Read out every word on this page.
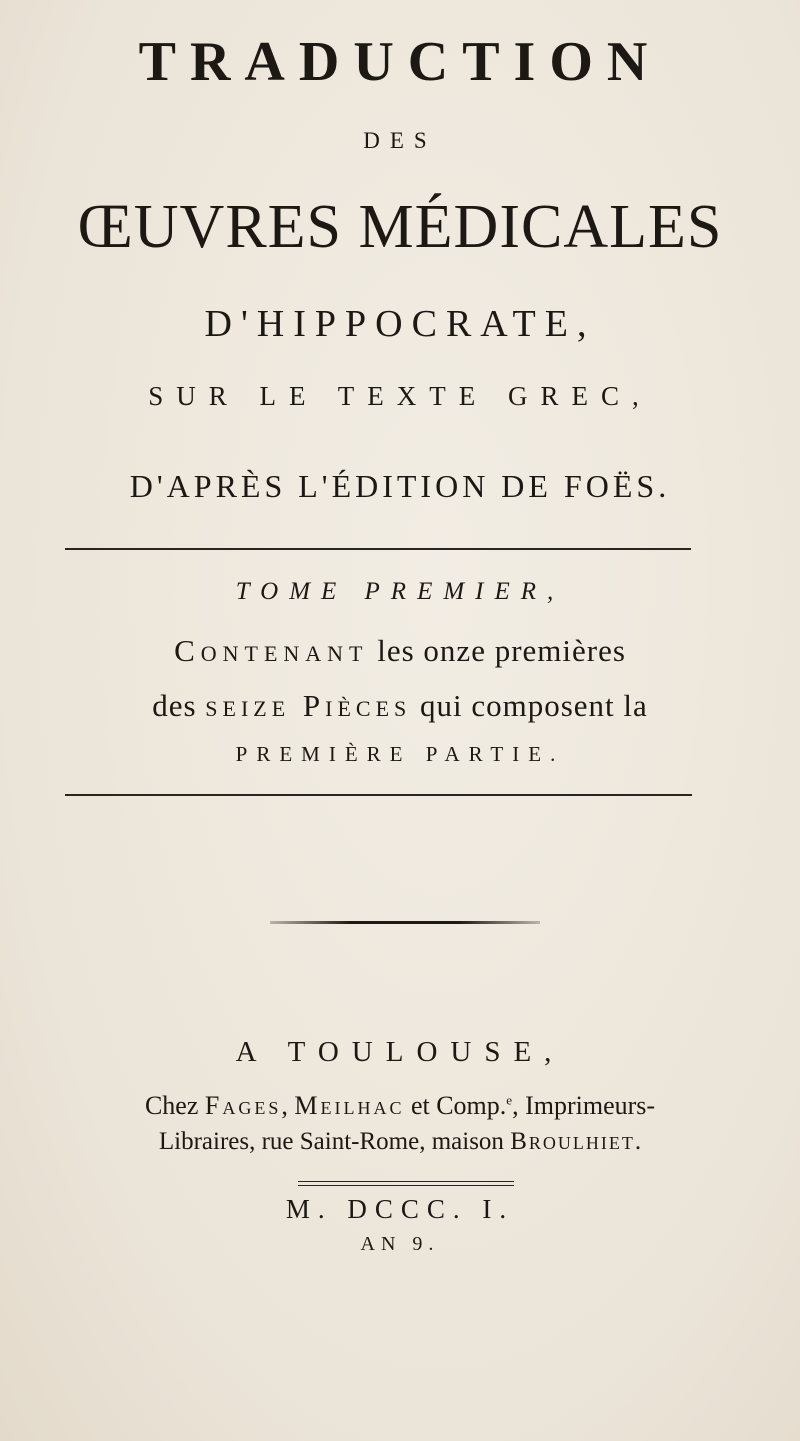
TRADUCTION
DES
ŒUVRES MÉDICALES
D'HIPPOCRATE,
SUR LE TEXTE GREC,
D'APRÈS L'ÉDITION DE FOËS.
TOME PREMIER,
Contenant les onze premières
des seize Pièces qui composent la
PREMIÈRE PARTIE.
A TOULOUSE,
Chez Fages, Meilhac et Comp.$^e$, Imprimeurs-
Libraires, rue Saint-Rome, maison Broulhiet.
M. DCCC. I.
AN 9.
